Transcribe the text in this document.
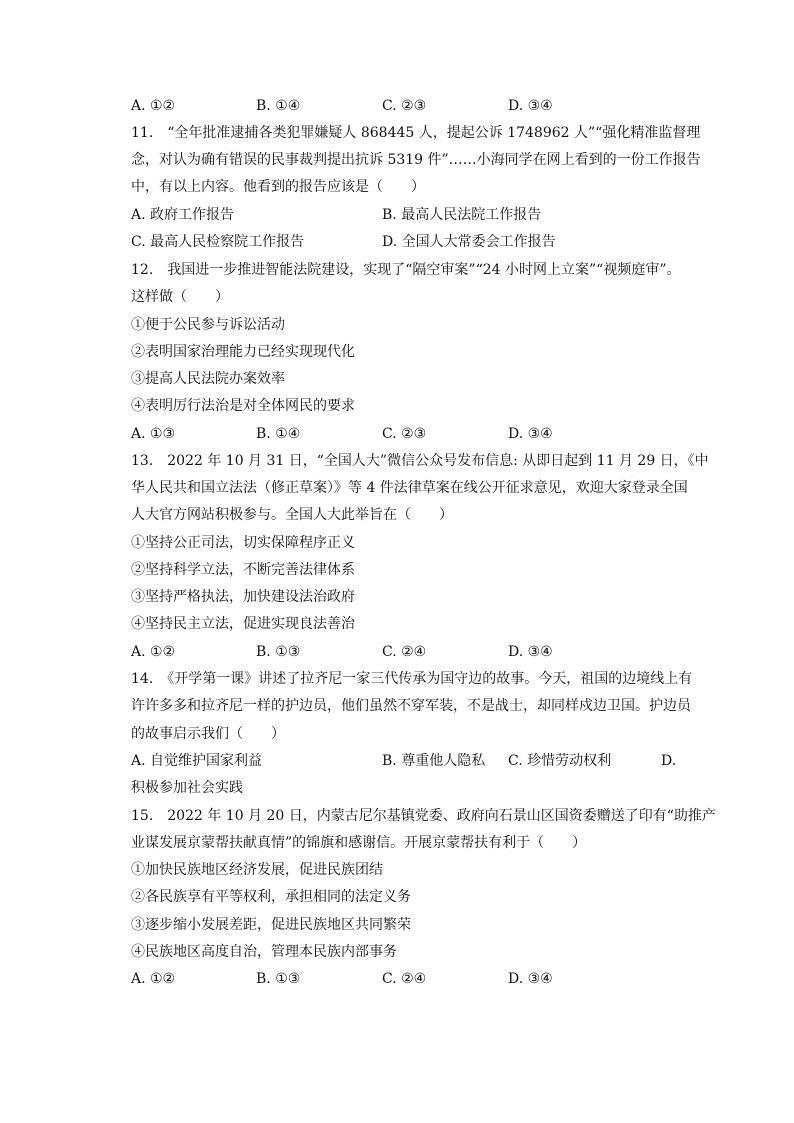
A. ①②	B. ①④	C. ②③	D. ③④
11.　“全年批准逮捕各类犯罪嫌疑人 868445 人，提起公诉 1748962 人”“强化精准监督理
念，对认为确有错误的民事裁判提出抗诉 5319 件”……小海同学在网上看到的一份工作报告
中，有以上内容。他看到的报告应该是（　　）
A. 政府工作报告	B. 最高人民法院工作报告
C. 最高人民检察院工作报告	D. 全国人大常委会工作报告
12.　我国进一步推进智能法院建设，实现了“隔空审案”“24 小时网上立案”“视频庭审”。
这样做（　　）
①便于公民参与诉讼活动
②表明国家治理能力已经实现现代化
③提高人民法院办案效率
④表明厉行法治是对全体网民的要求
A. ①③	B. ①④	C. ②③	D. ③④
13.　2022 年 10 月 31 日，“全国人大”微信公众号发布信息: 从即日起到 11 月 29 日，《中
华人民共和国立法法（修正草案）》等 4 件法律草案在线公开征求意见，欢迎大家登录全国
人大官方网站积极参与。全国人大此举旨在（　　）
①坚持公正司法，切实保障程序正义
②坚持科学立法，不断完善法律体系
③坚持严格执法，加快建设法治政府
④坚持民主立法，促进实现良法善治
A. ①②	B. ①③	C. ②④	D. ③④
14.　《开学第一课》讲述了拉齐尼一家三代传承为国守边的故事。今天，祖国的边境线上有
许许多多和拉齐尼一样的护边员，他们虽然不穿军装，不是战士，却同样戍边卫国。护边员
的故事启示我们（　　）
A. 自觉维护国家利益	B. 尊重他人隐私 C. 珍惜劳动权利	D.
积极参加社会实践
15.　2022 年 10 月 20 日，内蒙古尼尔基镇党委、政府向石景山区国资委赠送了印有“助推产
业谋发展京蒙帮扶献真情”的锦旗和感谢信。开展京蒙帮扶有利于（　　）
①加快民族地区经济发展，促进民族团结
②各民族享有平等权利，承担相同的法定义务
③逐步缩小发展差距，促进民族地区共同繁荣
④民族地区高度自治，管理本民族内部事务
A. ①②	B. ①③	C. ②④	D. ③④
